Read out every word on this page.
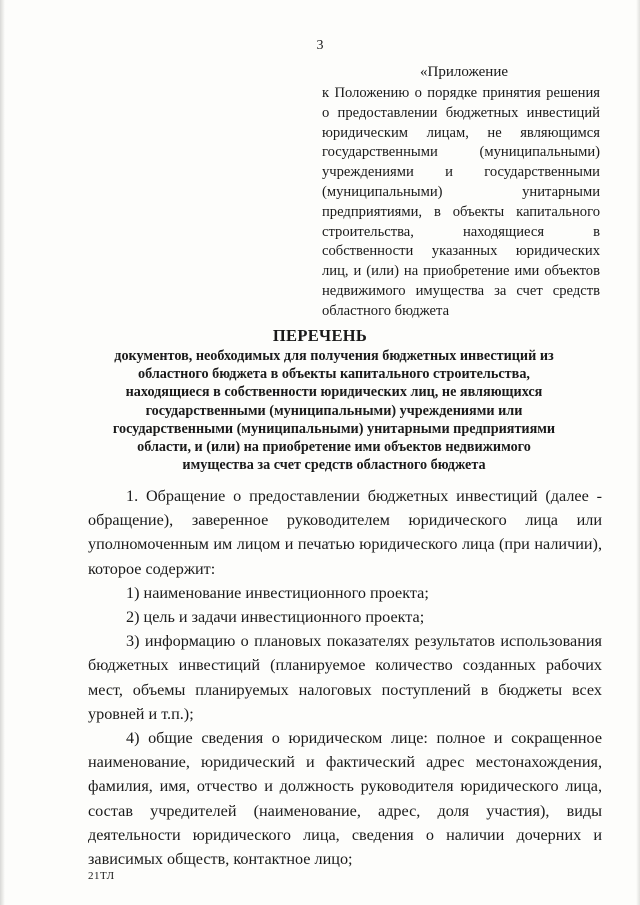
3
«Приложение
к Положению о порядке принятия решения о предоставлении бюджетных инвестиций юридическим лицам, не являющимся государственными (муниципальными) учреждениями и государственными (муниципальными) унитарными предприятиями, в объекты капитального строительства, находящиеся в собственности указанных юридических лиц, и (или) на приобретение ими объектов недвижимого имущества за счет средств областного бюджета
ПЕРЕЧЕНЬ
документов, необходимых для получения бюджетных инвестиций из областного бюджета в объекты капитального строительства, находящиеся в собственности юридических лиц, не являющихся государственными (муниципальными) учреждениями или государственными (муниципальными) унитарными предприятиями области, и (или) на приобретение ими объектов недвижимого имущества за счет средств областного бюджета

1. Обращение о предоставлении бюджетных инвестиций (далее - обращение), заверенное руководителем юридического лица или уполномоченным им лицом и печатью юридического лица (при наличии), которое содержит:

1) наименование инвестиционного проекта;

2) цель и задачи инвестиционного проекта;

3) информацию о плановых показателях результатов использования бюджетных инвестиций (планируемое количество созданных рабочих мест, объемы планируемых налоговых поступлений в бюджеты всех уровней и т.п.);

4) общие сведения о юридическом лице: полное и сокращенное наименование, юридический и фактический адрес местонахождения, фамилия, имя, отчество и должность руководителя юридического лица, состав учредителей (наименование, адрес, доля участия), виды деятельности юридического лица, сведения о наличии дочерних и зависимых обществ, контактное лицо;

21ТЛ
